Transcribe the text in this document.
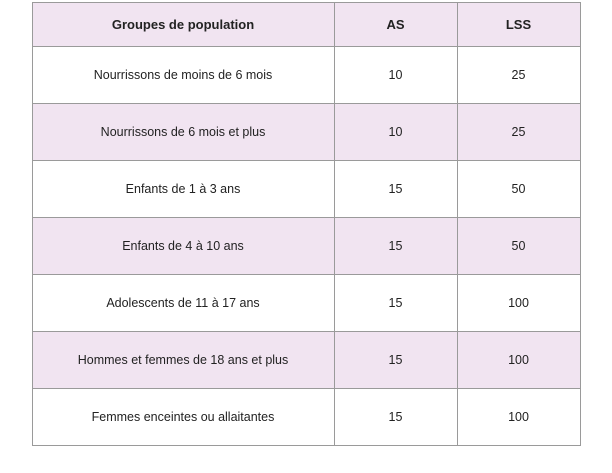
Groupes de population	AS	LSS

Nourrissons de moins de 6 mois	10	25

Nourrissons de 6 mois et plus	10	25

Enfants de 1 à 3 ans	15	50

Enfants de 4 à 10 ans	15	50

Adolescents de 11 à 17 ans	15	100

Hommes et femmes de 18 ans et plus	15	100

Femmes enceintes ou allaitantes	15	100
